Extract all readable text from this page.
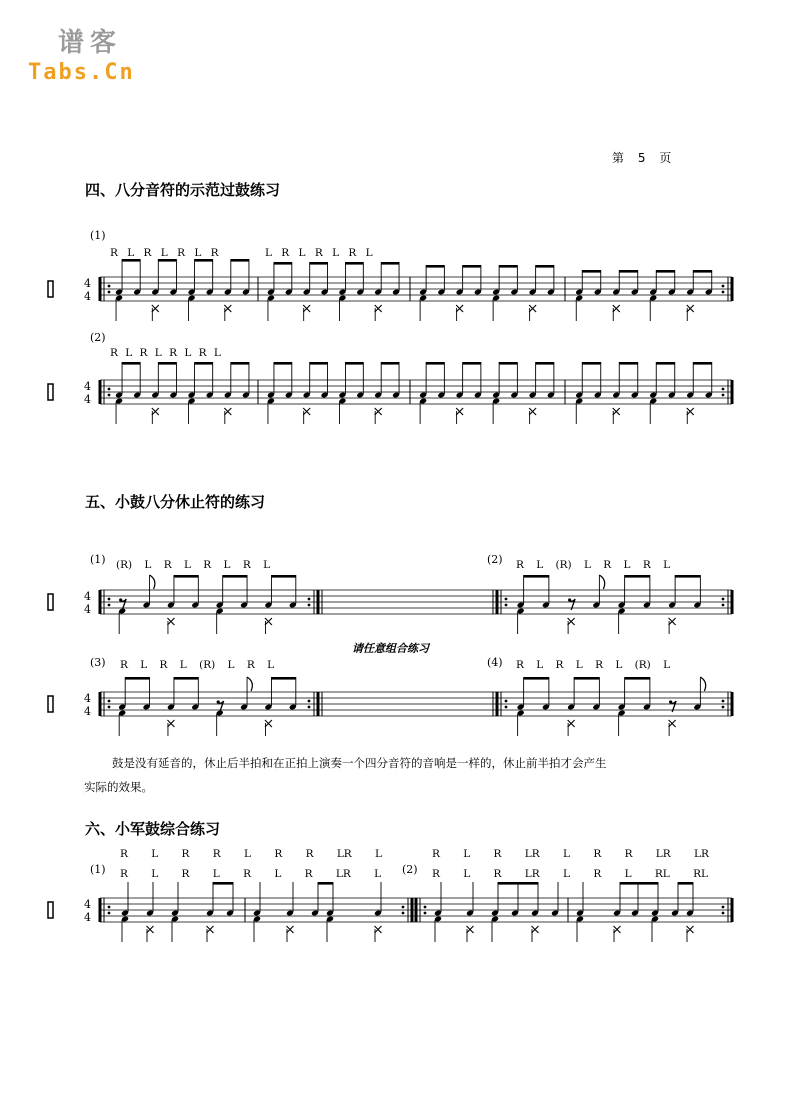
谱客
Tabs.Cn
第 5 页
四、八分音符的示范过鼓练习
五、小鼓八分休止符的练习
六、小军鼓综合练习
(1)
(2)
(1)	(2)
(3)	(4)
(1)	(2)
R L R L R L R	L R L R L R L
R L R L R L R L
(R) L R L R L R L	R L (R) L R L R L
R L R L (R) L R L	R L R L R L (R) L
R L R R L R R LR L
R L R L R L R LR L
R L R LR L R R LR LR
R L R LR L R L RL RL
请任意组合练习
鼓是没有延音的，休止后半拍和在正拍上演奏一个四分音符的音响是一样的，休止前半拍才会产生
实际的效果。
4
4
4
4
4
4
4
4
4
4
